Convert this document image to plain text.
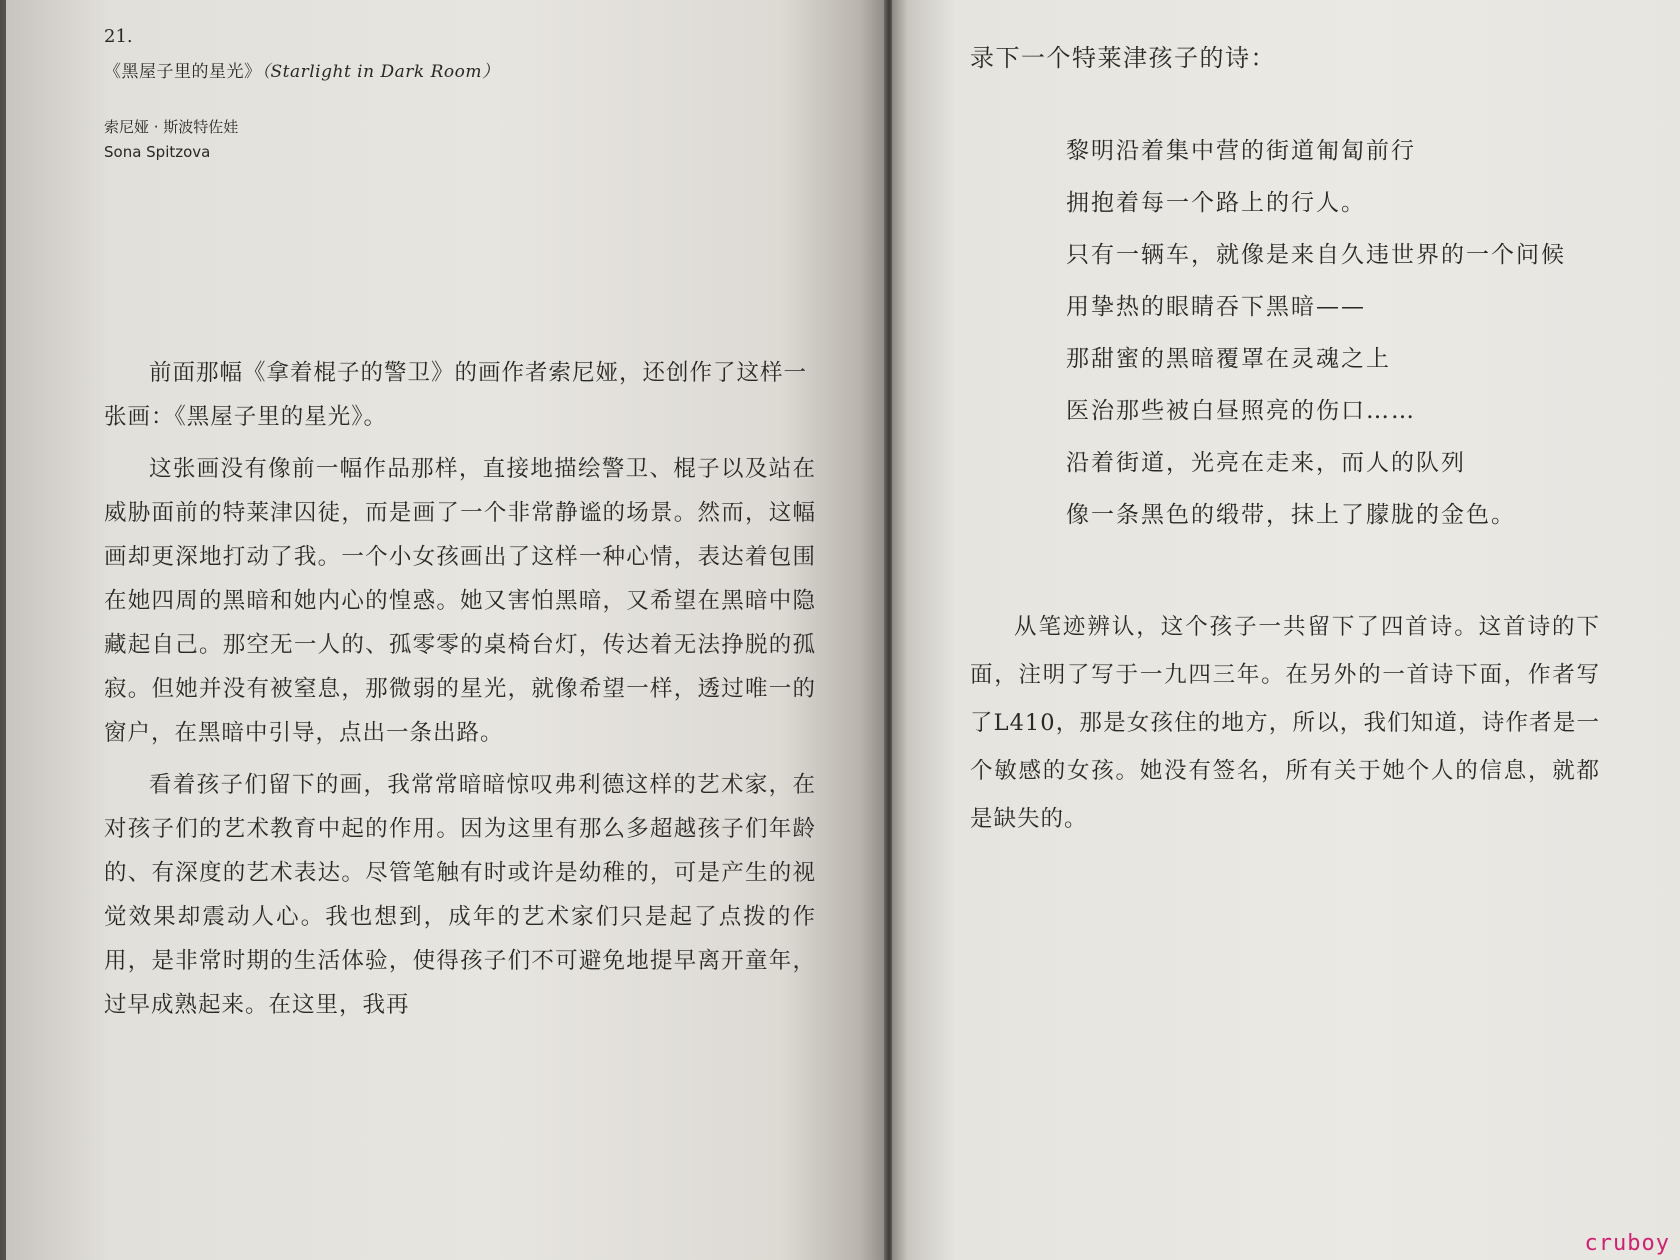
21.

《黑屋子里的星光》（Starlight in Dark Room）

索尼娅 · 斯波特佐娃

Sona Spitzova

前面那幅《拿着棍子的警卫》的画作者索尼娅，还创作了这样一张画：《黑屋子里的星光》。

这张画没有像前一幅作品那样，直接地描绘警卫、棍子以及站在威胁面前的特莱津囚徒，而是画了一个非常静谧的场景。然而，这幅画却更深地打动了我。一个小女孩画出了这样一种心情，表达着包围在她四周的黑暗和她内心的惶惑。她又害怕黑暗，又希望在黑暗中隐藏起自己。那空无一人的、孤零零的桌椅台灯，传达着无法挣脱的孤寂。但她并没有被窒息，那微弱的星光，就像希望一样，透过唯一的窗户，在黑暗中引导，点出一条出路。

看着孩子们留下的画，我常常暗暗惊叹弗利德这样的艺术家，在对孩子们的艺术教育中起的作用。因为这里有那么多超越孩子们年龄的、有深度的艺术表达。尽管笔触有时或许是幼稚的，可是产生的视觉效果却震动人心。我也想到，成年的艺术家们只是起了点拨的作用，是非常时期的生活体验，使得孩子们不可避免地提早离开童年，过早成熟起来。在这里，我再

录下一个特莱津孩子的诗：

黎明沿着集中营的街道匍匐前行

拥抱着每一个路上的行人。

只有一辆车，就像是来自久违世界的一个问候

用挚热的眼睛吞下黑暗——

那甜蜜的黑暗覆罩在灵魂之上

医治那些被白昼照亮的伤口……

沿着街道，光亮在走来，而人的队列

像一条黑色的缎带，抹上了朦胧的金色。

从笔迹辨认，这个孩子一共留下了四首诗。这首诗的下面，注明了写于一九四三年。在另外的一首诗下面，作者写了L410，那是女孩住的地方，所以，我们知道，诗作者是一个敏感的女孩。她没有签名，所有关于她个人的信息，就都是缺失的。

cruboy
